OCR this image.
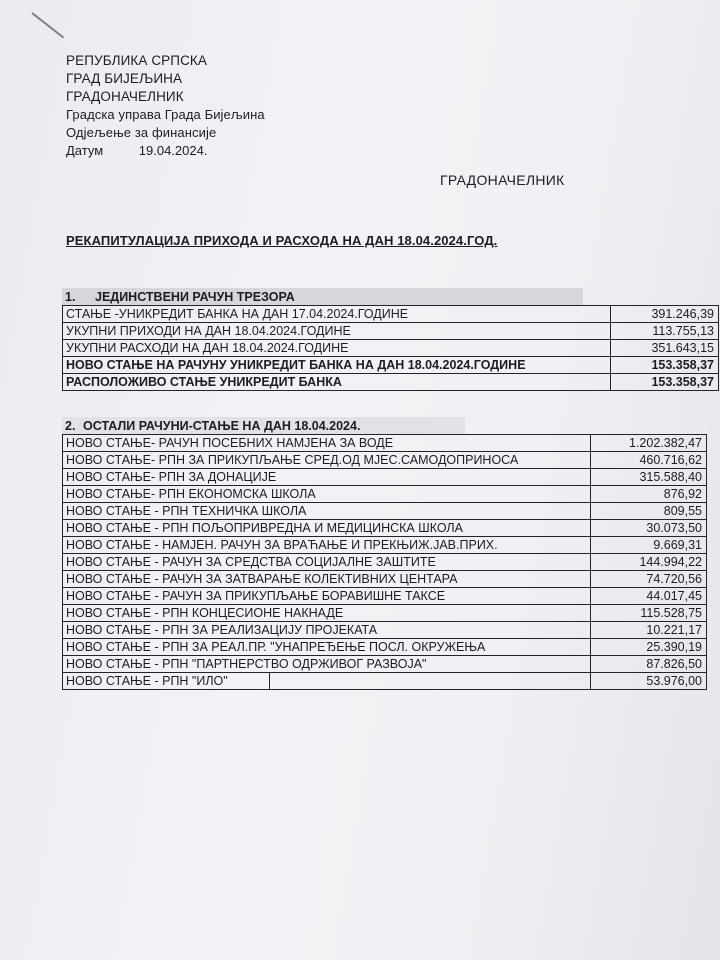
РЕПУБЛИКА СРПСКА
ГРАД БИЈЕЉИНА
ГРАДОНАЧЕЛНИК
Градска управа Града Бијељина
Одјељење за финансије
Датум	19.04.2024.
ГРАДОНАЧЕЛНИК
РЕКАПИТУЛАЦИЈА ПРИХОДА И РАСХОДА НА ДАН 18.04.2024.ГОД.
1. ЈЕДИНСТВЕНИ РАЧУН ТРЕЗОРА
СТАЊЕ -УНИКРЕДИТ БАНКА НА ДАН 17.04.2024.ГОДИНЕ	391.246,39
УКУПНИ ПРИХОДИ НА ДАН 18.04.2024.ГОДИНЕ	113.755,13
УКУПНИ РАСХОДИ НА ДАН 18.04.2024.ГОДИНЕ	351.643,15
НОВО СТАЊЕ НА РАЧУНУ УНИКРЕДИТ БАНКА НА ДАН 18.04.2024.ГОДИНЕ	153.358,37
РАСПОЛОЖИВО СТАЊЕ УНИКРЕДИТ БАНКА	153.358,37
2. ОСТАЛИ РАЧУНИ-СТАЊЕ НА ДАН 18.04.2024.
НОВО СТАЊЕ- РАЧУН ПОСЕБНИХ НАМЈЕНА ЗА ВОДЕ	1.202.382,47
НОВО СТАЊЕ- РПН ЗА ПРИКУПЉАЊЕ СРЕД.ОД МЈЕС.САМОДОПРИНОСА	460.716,62
НОВО СТАЊЕ- РПН ЗА ДОНАЦИЈЕ	315.588,40
НОВО СТАЊЕ- РПН ЕКОНОМСКА ШКОЛА	876,92
НОВО СТАЊЕ - РПН ТЕХНИЧКА ШКОЛА	809,55
НОВО СТАЊЕ - РПН ПОЉОПРИВРЕДНА И МЕДИЦИНСКА ШКОЛА	30.073,50
НОВО СТАЊЕ - НАМЈЕН. РАЧУН ЗА ВРАЋАЊЕ И ПРЕКЊИЖ.ЈАВ.ПРИХ.	9.669,31
НОВО СТАЊЕ - РАЧУН ЗА СРЕДСТВА СОЦИЈАЛНЕ ЗАШТИТЕ	144.994,22
НОВО СТАЊЕ - РАЧУН ЗА ЗАТВАРАЊЕ КОЛЕКТИВНИХ ЦЕНТАРА	74.720,56
НОВО СТАЊЕ - РАЧУН ЗА ПРИКУПЉАЊЕ БОРАВИШНЕ ТАКСЕ	44.017,45
НОВО СТАЊЕ - РПН КОНЦЕСИОНЕ НАКНАДЕ	115.528,75
НОВО СТАЊЕ - РПН ЗА РЕАЛИЗАЦИЈУ ПРОЈЕКАТА	10.221,17
НОВО СТАЊЕ - РПН ЗА РЕАЛ.ПР. "УНАПРЕЂЕЊЕ ПОСЛ. ОКРУЖЕЊА	25.390,19
НОВО СТАЊЕ - РПН "ПАРТНЕРСТВО ОДРЖИВОГ РАЗВОЈА"	87.826,50
НОВО СТАЊЕ - РПН "ИЛО"	53.976,00
